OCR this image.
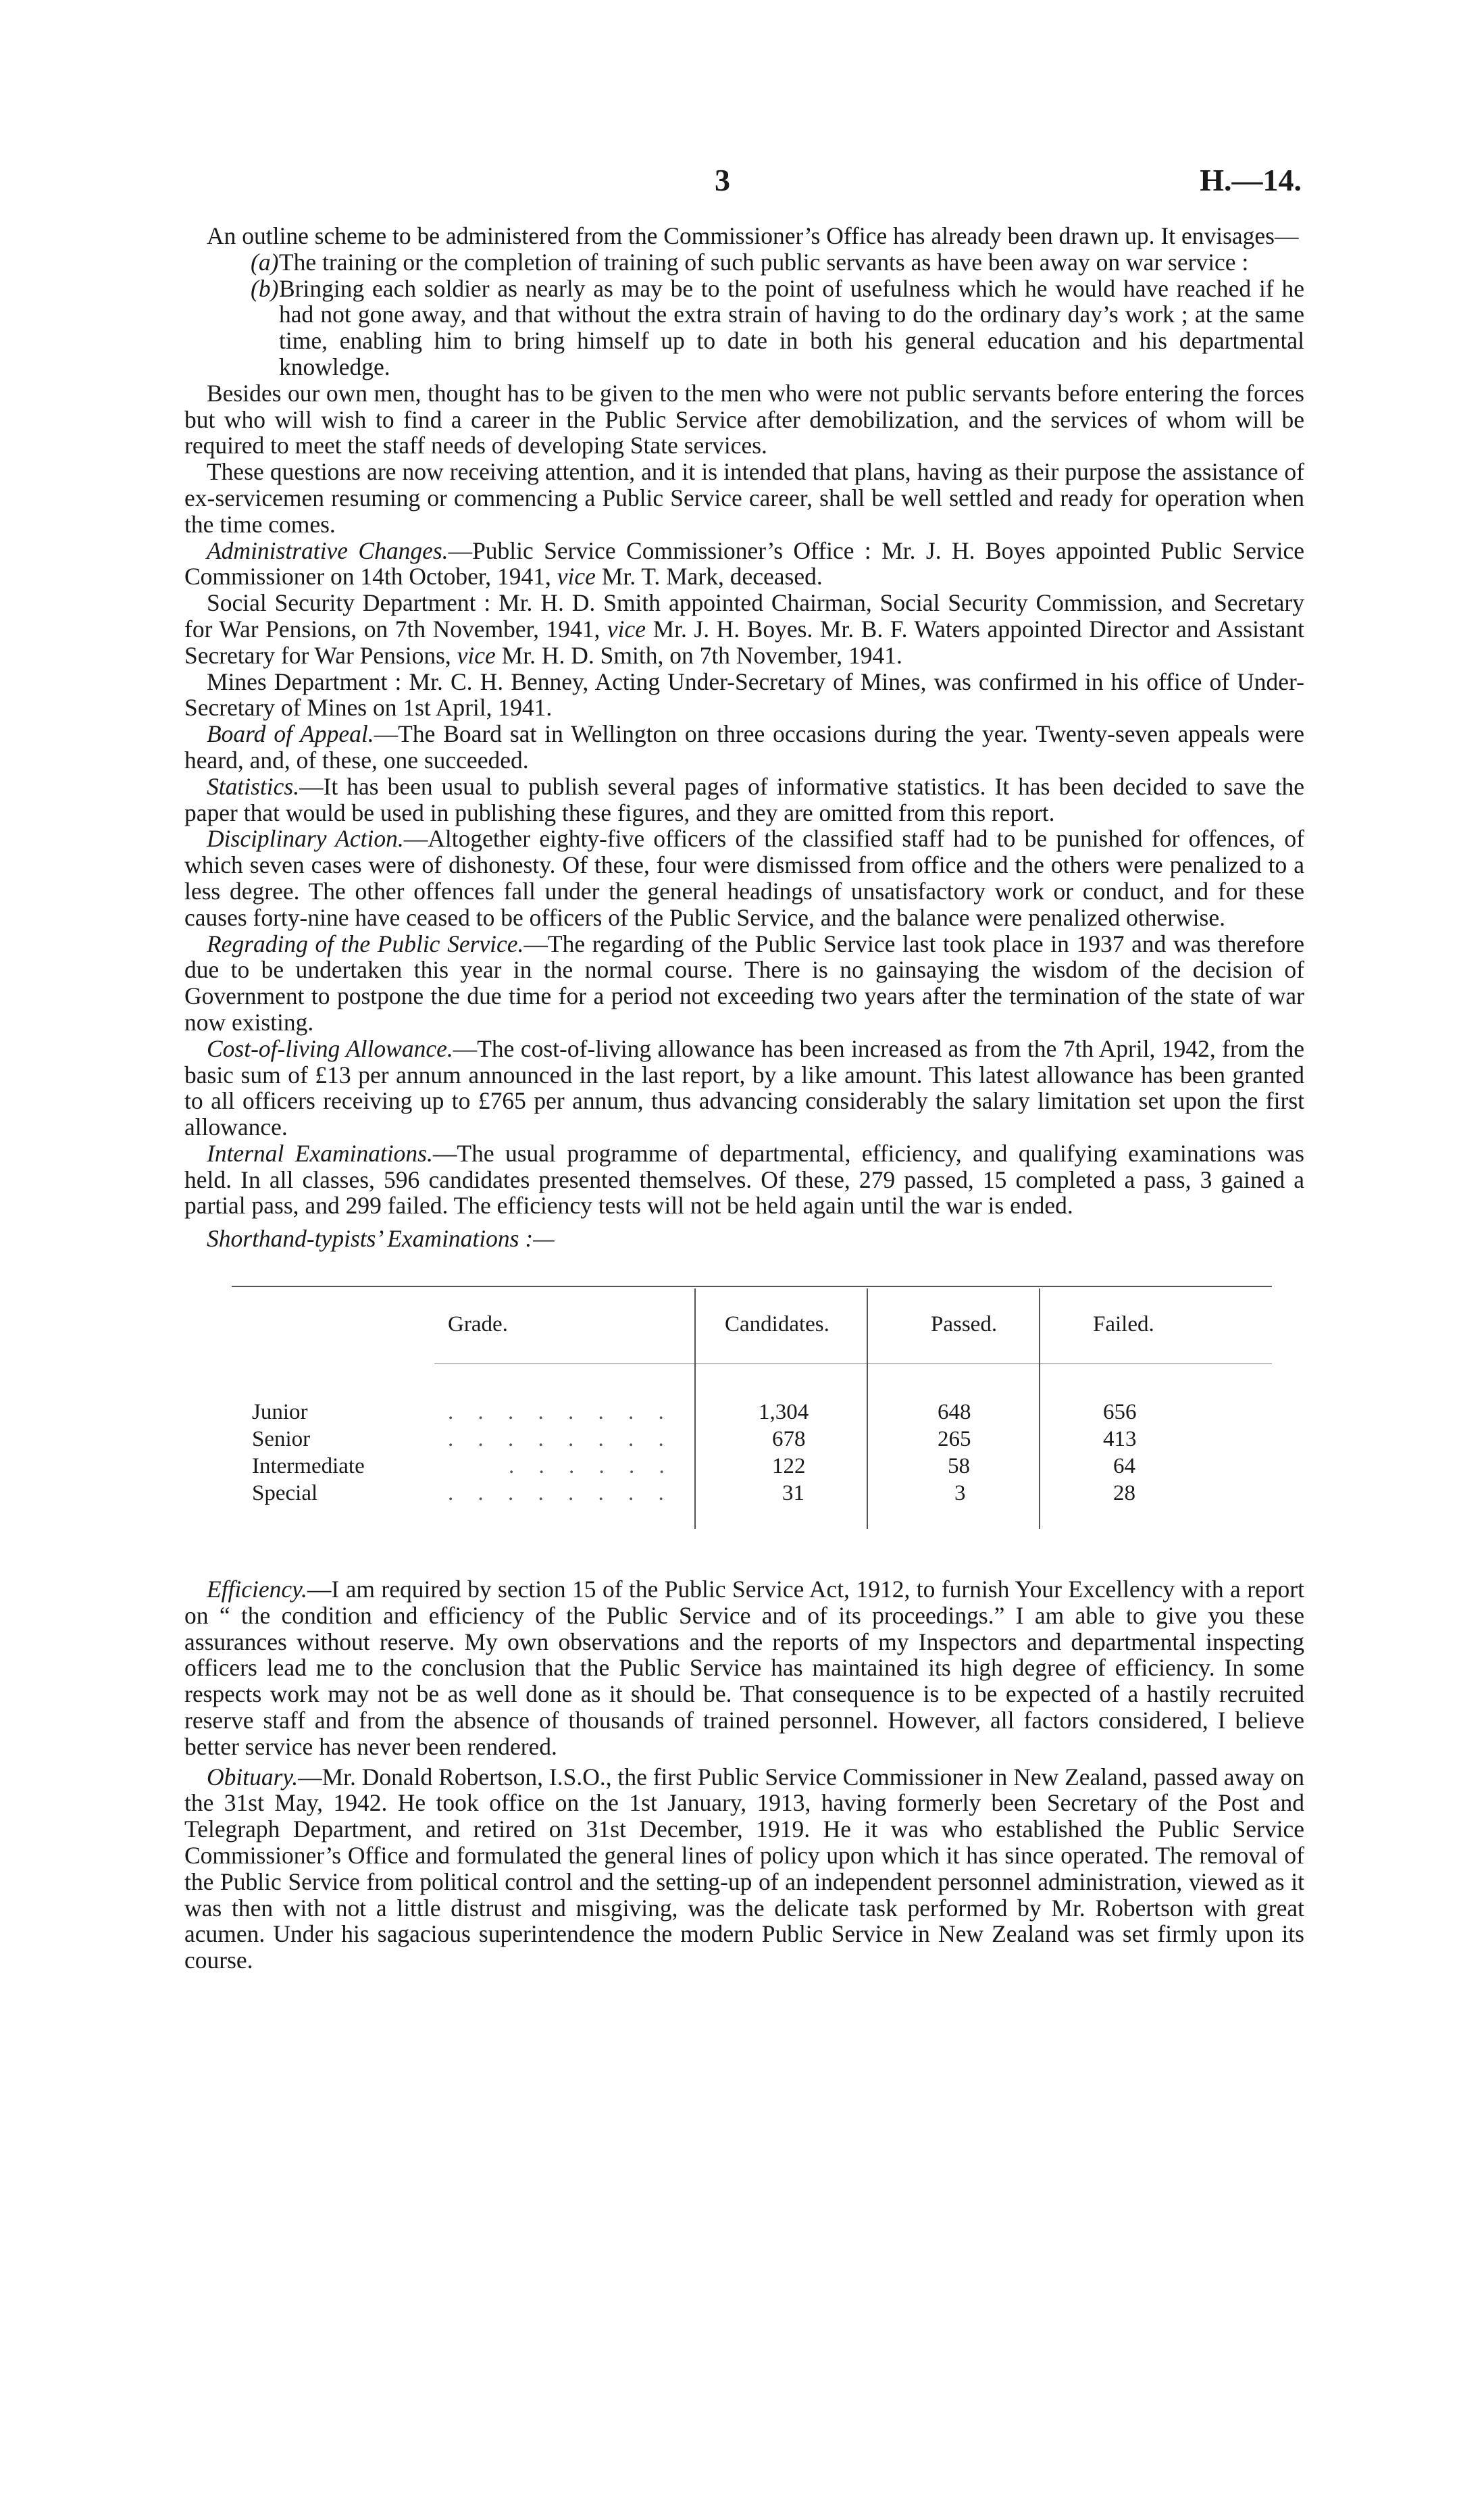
3	H.—14.

An outline scheme to be administered from the Commissioner’s Office has already been drawn up. It envisages—

(a) The training or the completion of training of such public servants as have been away on war service :
(b) Bringing each soldier as nearly as may be to the point of usefulness which he would have reached if he had not gone away, and that without the extra strain of having to do the ordinary day’s work ; at the same time, enabling him to bring himself up to date in both his general education and his departmental knowledge.

Besides our own men, thought has to be given to the men who were not public servants before entering the forces but who will wish to find a career in the Public Service after demobilization, and the services of whom will be required to meet the staff needs of developing State services.

These questions are now receiving attention, and it is intended that plans, having as their purpose the assistance of ex-servicemen resuming or commencing a Public Service career, shall be well settled and ready for operation when the time comes.

Administrative Changes.—Public Service Commissioner’s Office : Mr. J. H. Boyes appointed Public Service Commissioner on 14th October, 1941, vice Mr. T. Mark, deceased.

Social Security Department : Mr. H. D. Smith appointed Chairman, Social Security Commission, and Secretary for War Pensions, on 7th November, 1941, vice Mr. J. H. Boyes. Mr. B. F. Waters appointed Director and Assistant Secretary for War Pensions, vice Mr. H. D. Smith, on 7th November, 1941.

Mines Department : Mr. C. H. Benney, Acting Under-Secretary of Mines, was confirmed in his office of Under-Secretary of Mines on 1st April, 1941.

Board of Appeal.—The Board sat in Wellington on three occasions during the year. Twenty-seven appeals were heard, and, of these, one succeeded.

Statistics.—It has been usual to publish several pages of informative statistics. It has been decided to save the paper that would be used in publishing these figures, and they are omitted from this report.

Disciplinary Action.—Altogether eighty-five officers of the classified staff had to be punished for offences, of which seven cases were of dishonesty. Of these, four were dismissed from office and the others were penalized to a less degree. The other offences fall under the general headings of unsatisfactory work or conduct, and for these causes forty-nine have ceased to be officers of the Public Service, and the balance were penalized otherwise.

Regrading of the Public Service.—The regarding of the Public Service last took place in 1937 and was therefore due to be undertaken this year in the normal course. There is no gainsaying the wisdom of the decision of Government to postpone the due time for a period not exceeding two years after the termination of the state of war now existing.

Cost-of-living Allowance.—The cost-of-living allowance has been increased as from the 7th April, 1942, from the basic sum of £13 per annum announced in the last report, by a like amount. This latest allowance has been granted to all officers receiving up to £765 per annum, thus advancing considerably the salary limitation set upon the first allowance.

Internal Examinations.—The usual programme of departmental, efficiency, and qualifying examinations was held. In all classes, 596 candidates presented themselves. Of these, 279 passed, 15 completed a pass, 3 gained a partial pass, and 299 failed. The efficiency tests will not be held again until the war is ended.

Shorthand-typists’ Examinations :—

Grade.	Candidates.	Passed.	Failed.
Junior	. . . . . . . .	1,304	648	656
Senior	. . . . . . . .	678	265	413
Intermediate	. . . . . .	122	58	64
Special	. . . . . . . .	31	3	28

Efficiency.—I am required by section 15 of the Public Service Act, 1912, to furnish Your Excellency with a report on “ the condition and efficiency of the Public Service and of its proceedings.” I am able to give you these assurances without reserve. My own observations and the reports of my Inspectors and departmental inspecting officers lead me to the conclusion that the Public Service has maintained its high degree of efficiency. In some respects work may not be as well done as it should be. That consequence is to be expected of a hastily recruited reserve staff and from the absence of thousands of trained personnel. However, all factors considered, I believe better service has never been rendered.

Obituary.—Mr. Donald Robertson, I.S.O., the first Public Service Commissioner in New Zealand, passed away on the 31st May, 1942. He took office on the 1st January, 1913, having formerly been Secretary of the Post and Telegraph Department, and retired on 31st December, 1919. He it was who established the Public Service Commissioner’s Office and formulated the general lines of policy upon which it has since operated. The removal of the Public Service from political control and the setting-up of an independent personnel administration, viewed as it was then with not a little distrust and misgiving, was the delicate task performed by Mr. Robertson with great acumen. Under his sagacious superintendence the modern Public Service in New Zealand was set firmly upon its course.
